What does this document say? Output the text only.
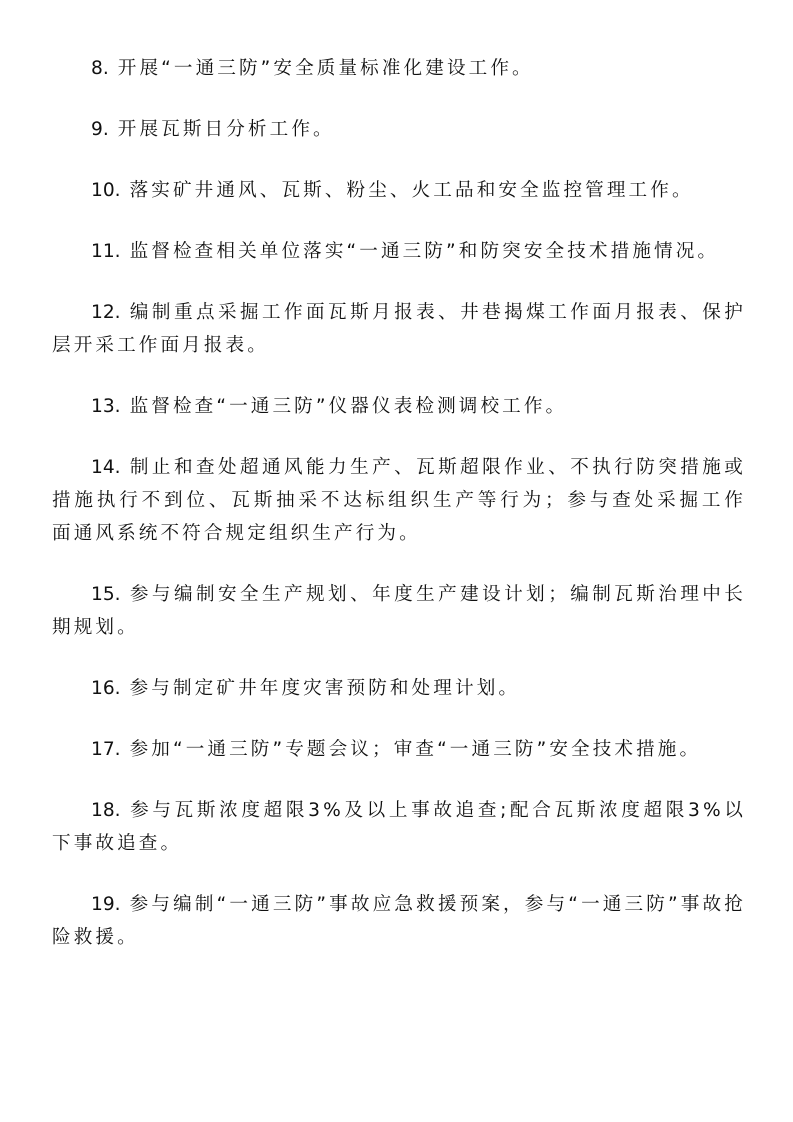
8. 开展“一通三防”安全质量标准化建设工作。

9. 开展瓦斯日分析工作。

10. 落实矿井通风、瓦斯、粉尘、火工品和安全监控管理工作。

11. 监督检查相关单位落实“一通三防”和防突安全技术措施情况。

12. 编制重点采掘工作面瓦斯月报表、井巷揭煤工作面月报表、保护层开采工作面月报表。

13. 监督检查“一通三防”仪器仪表检测调校工作。

14. 制止和查处超通风能力生产、瓦斯超限作业、不执行防突措施或措施执行不到位、瓦斯抽采不达标组织生产等行为；参与查处采掘工作面通风系统不符合规定组织生产行为。

15. 参与编制安全生产规划、年度生产建设计划；编制瓦斯治理中长期规划。

16. 参与制定矿井年度灾害预防和处理计划。

17. 参加“一通三防”专题会议；审查“一通三防”安全技术措施。

18. 参与瓦斯浓度超限3%及以上事故追查;配合瓦斯浓度超限3%以下事故追查。

19. 参与编制“一通三防”事故应急救援预案，参与“一通三防”事故抢险救援。
